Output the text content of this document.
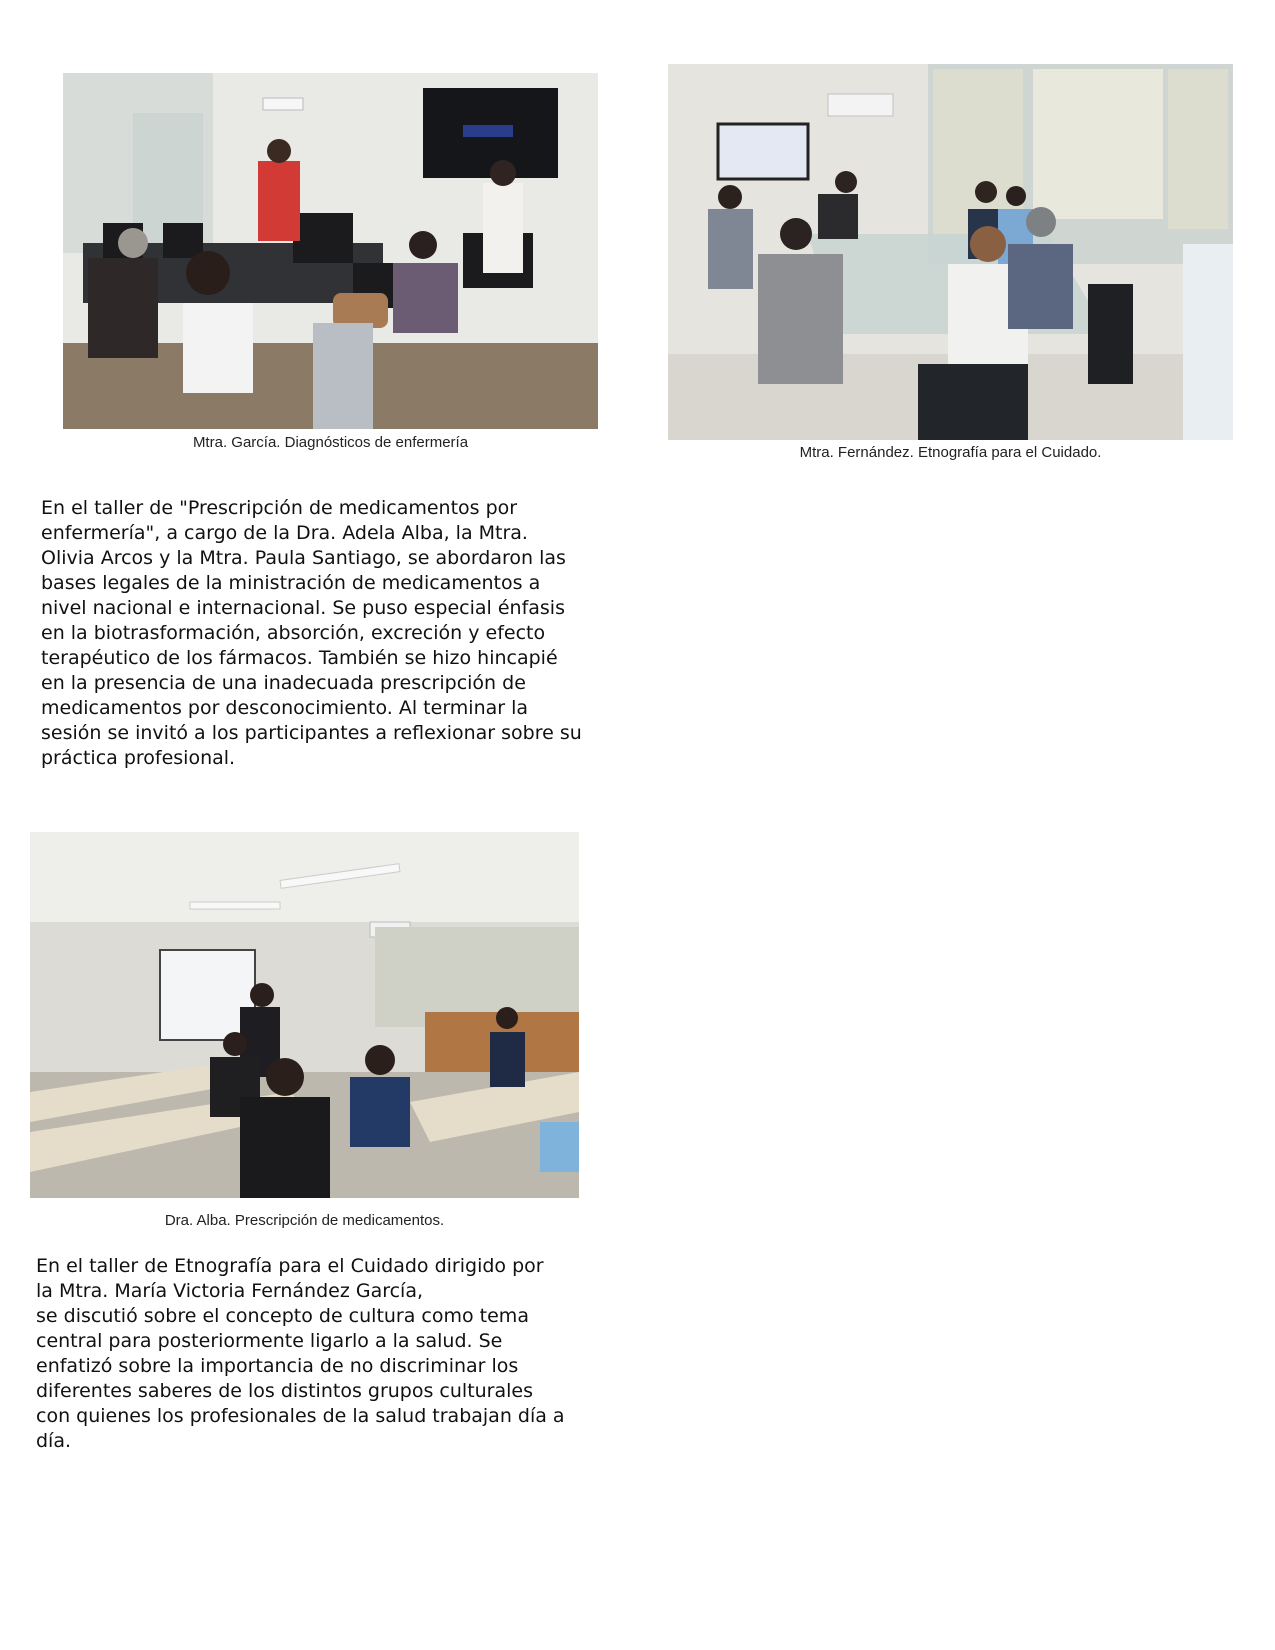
Mtra. García. Diagnósticos de enfermería
Mtra. Fernández. Etnografía para el Cuidado.
En el taller de "Prescripción de medicamentos por
enfermería", a cargo de la Dra. Adela Alba, la Mtra.
Olivia Arcos y la Mtra. Paula Santiago, se abordaron las
bases legales de la ministración de medicamentos a
nivel nacional e internacional. Se puso especial énfasis
en la biotrasformación, absorción, excreción y efecto
terapéutico de los fármacos. También se hizo hincapié
en la presencia de una inadecuada prescripción de
medicamentos por desconocimiento. Al terminar la
sesión se invitó a los participantes a reflexionar sobre su
práctica profesional.
Dra. Alba. Prescripción de medicamentos.
En el taller de Etnografía para el Cuidado dirigido por
la Mtra. María Victoria Fernández García,
se discutió sobre el concepto de cultura como tema
central para posteriormente ligarlo a la salud. Se
enfatizó sobre la importancia de no discriminar los
diferentes saberes de los distintos grupos culturales
con quienes los profesionales de la salud trabajan día a
día.
